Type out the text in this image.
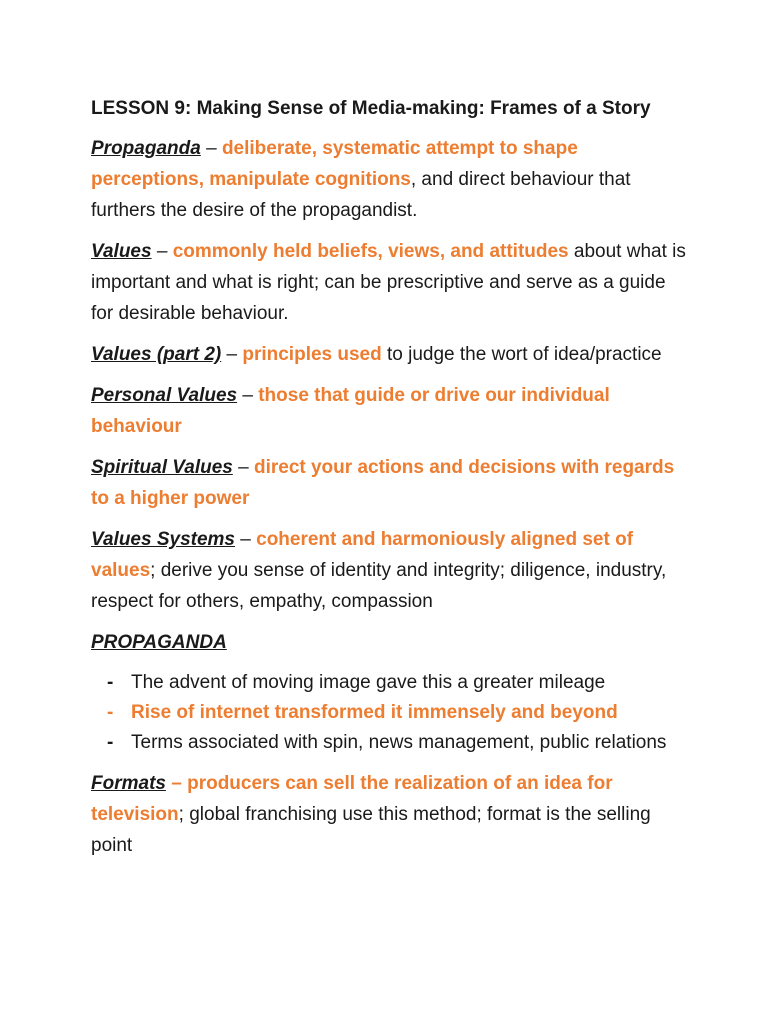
LESSON 9: Making Sense of Media-making: Frames of a Story

Propaganda – deliberate, systematic attempt to shape perceptions, manipulate cognitions, and direct behaviour that furthers the desire of the propagandist.

Values – commonly held beliefs, views, and attitudes about what is important and what is right; can be prescriptive and serve as a guide for desirable behaviour.

Values (part 2) – principles used to judge the wort of idea/practice

Personal Values – those that guide or drive our individual behaviour

Spiritual Values – direct your actions and decisions with regards to a higher power

Values Systems – coherent and harmoniously aligned set of values; derive you sense of identity and integrity; diligence, industry, respect for others, empathy, compassion

PROPAGANDA
- The advent of moving image gave this a greater mileage
- Rise of internet transformed it immensely and beyond
- Terms associated with spin, news management, public relations

Formats – producers can sell the realization of an idea for television; global franchising use this method; format is the selling point
